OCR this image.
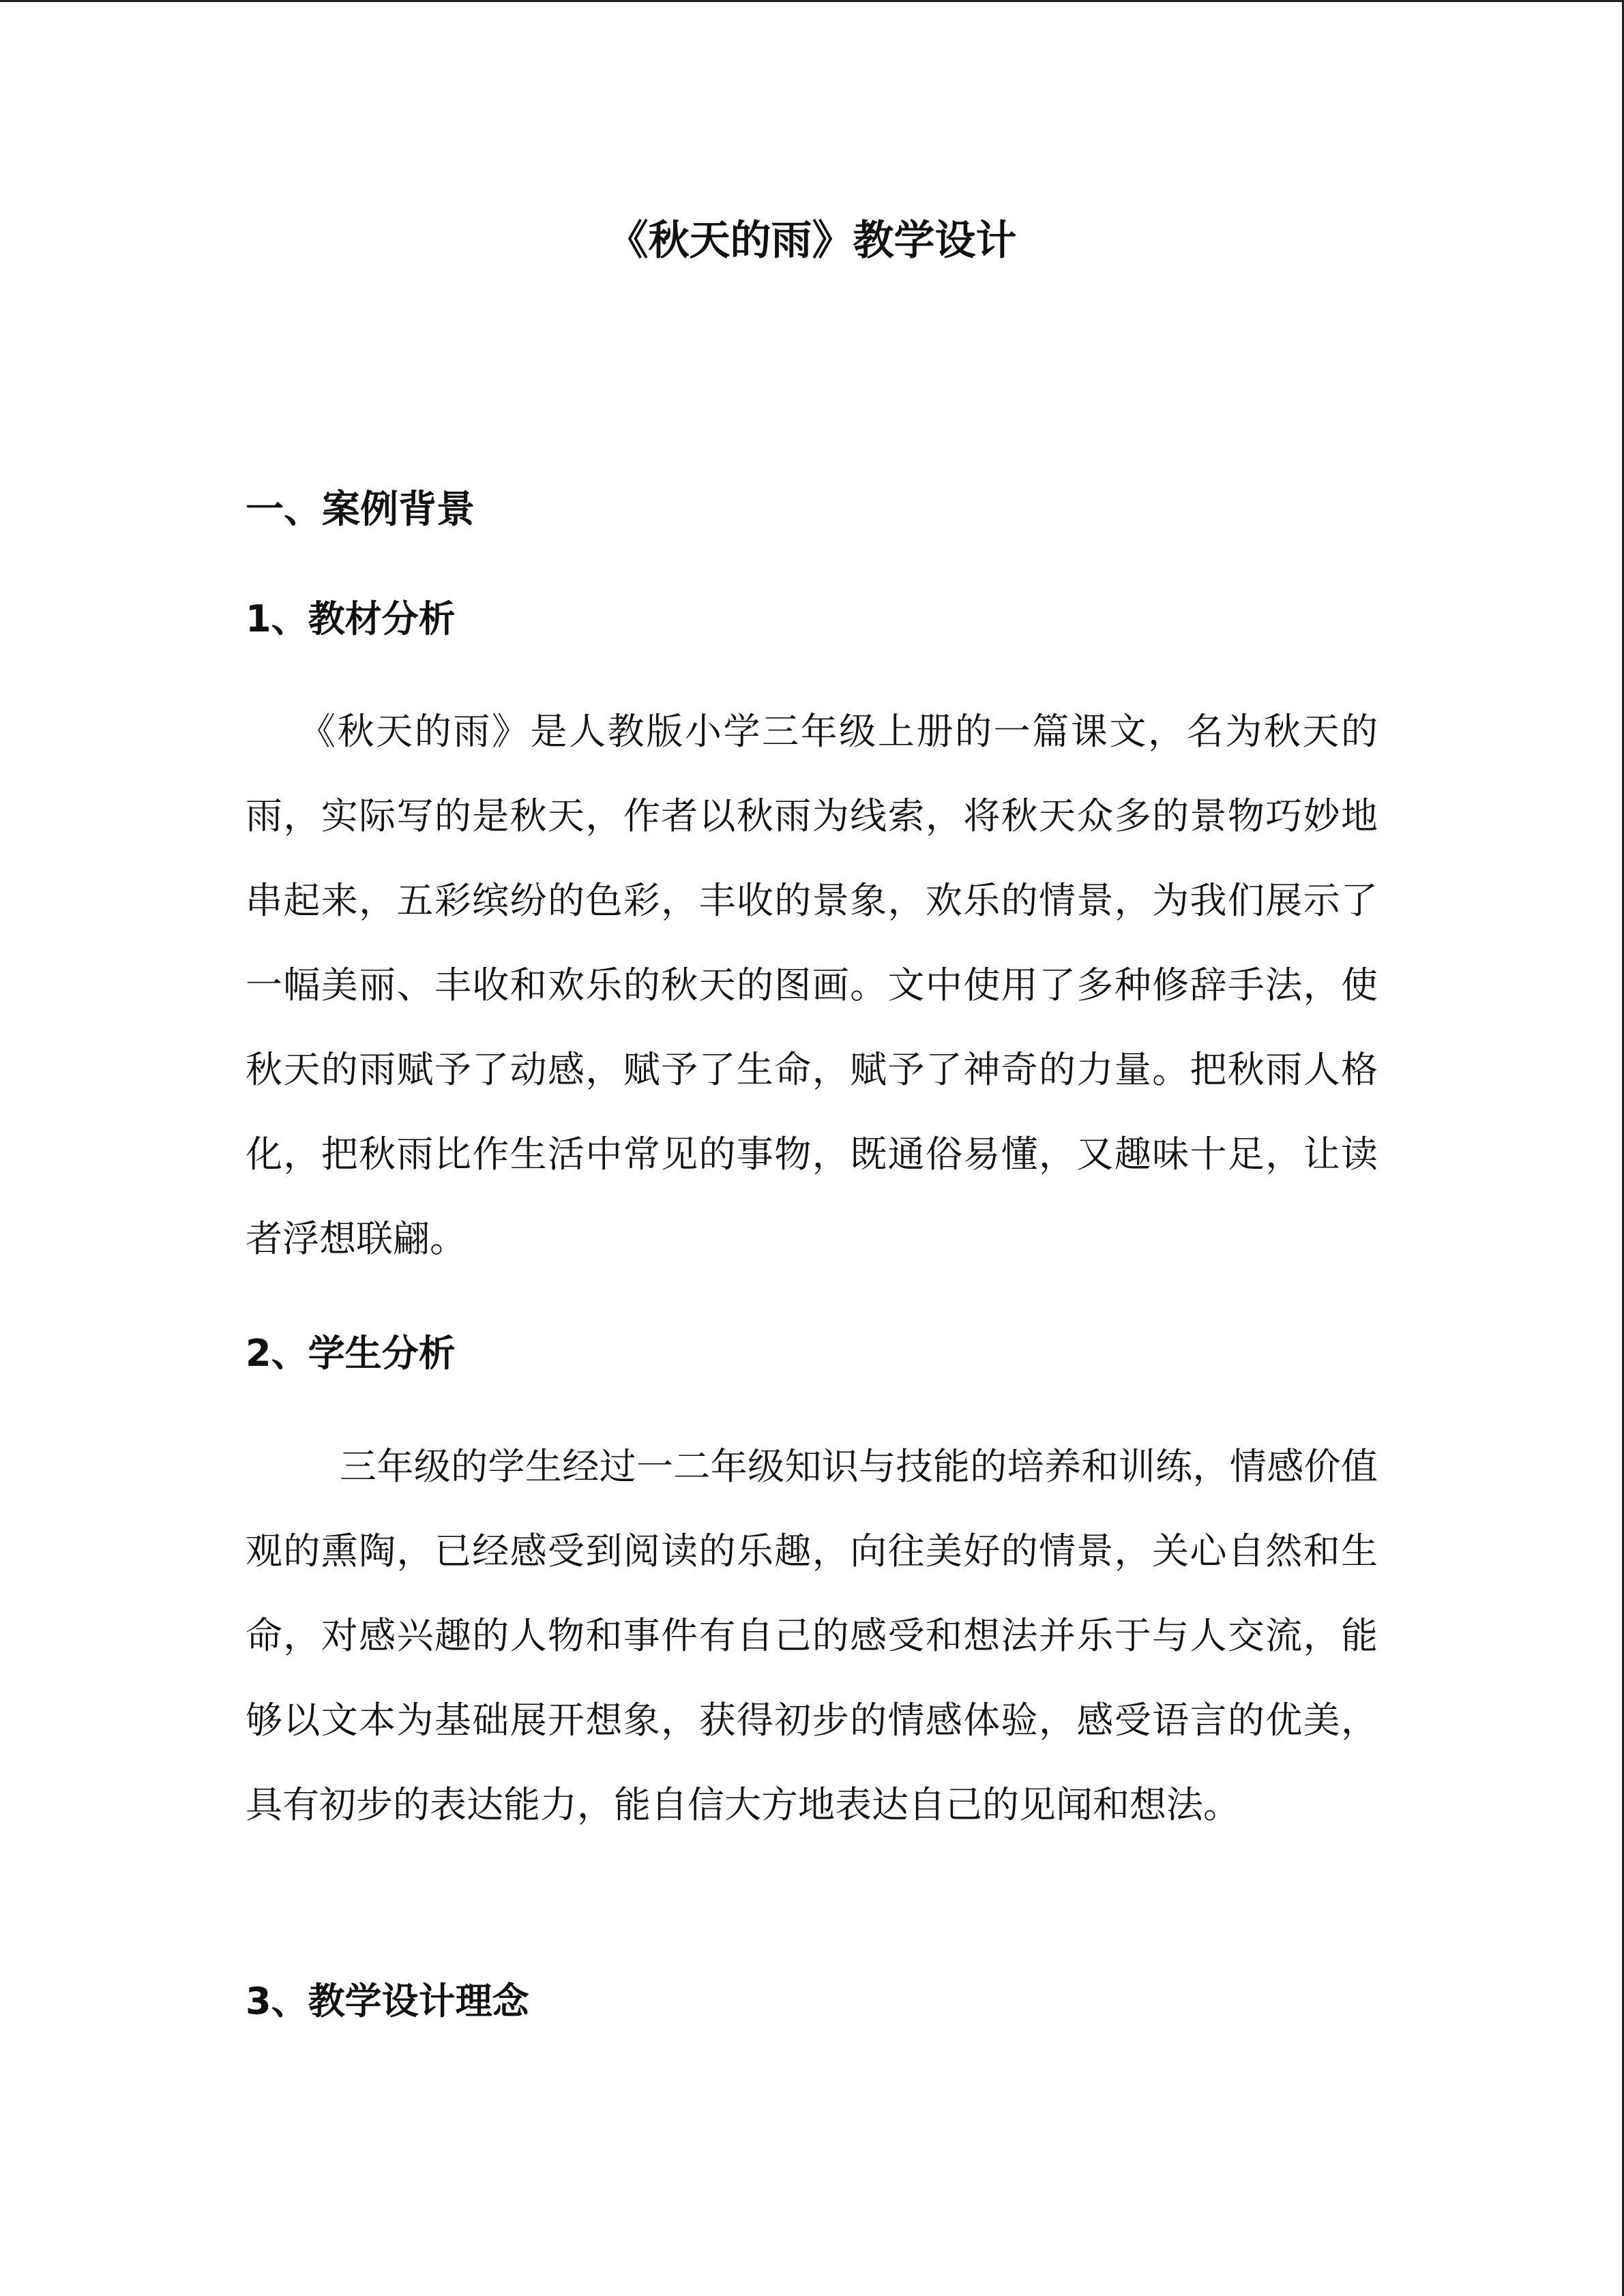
《秋天的雨》教学设计
一、案例背景
1、教材分析

《秋天的雨》是人教版小学三年级上册的一篇课文，名为秋天的雨，实际写的是秋天，作者以秋雨为线索，将秋天众多的景物巧妙地串起来，五彩缤纷的色彩，丰收的景象，欢乐的情景，为我们展示了一幅美丽、丰收和欢乐的秋天的图画。文中使用了多种修辞手法，使秋天的雨赋予了动感，赋予了生命，赋予了神奇的力量。把秋雨人格化，把秋雨比作生活中常见的事物，既通俗易懂，又趣味十足，让读者浮想联翩。

2、学生分析

三年级的学生经过一二年级知识与技能的培养和训练，情感价值观的熏陶，已经感受到阅读的乐趣，向往美好的情景，关心自然和生命，对感兴趣的人物和事件有自己的感受和想法并乐于与人交流，能够以文本为基础展开想象，获得初步的情感体验，感受语言的优美，具有初步的表达能力，能自信大方地表达自己的见闻和想法。

3、教学设计理念
